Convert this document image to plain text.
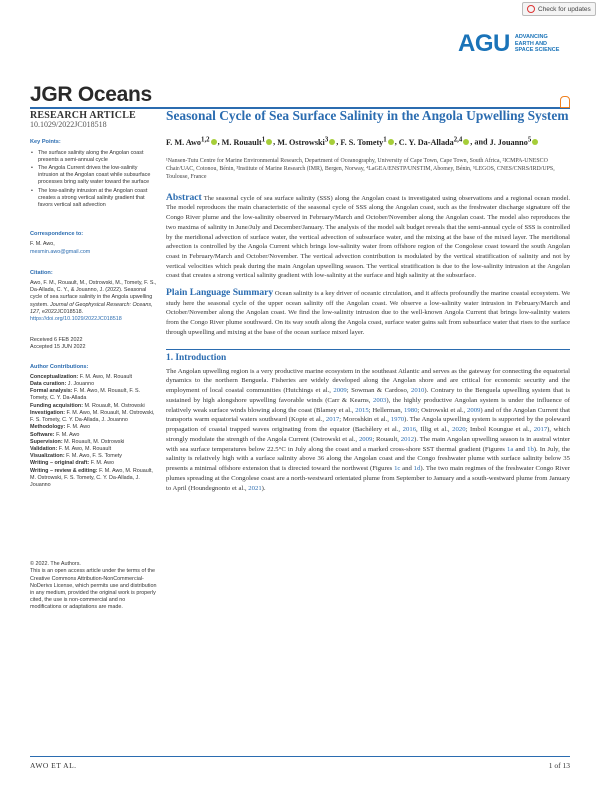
Check for updates
AGU ADVANCING
EARTH AND
SPACE SCIENCE
JGR Oceans
RESEARCH ARTICLE
10.1029/2022JC018518
Key Points:
• The surface salinity along the Angolan coast presents a semi-annual cycle
• The Angola Current drives the low-salinity intrusion at the Angolan coast while subsurface processes bring salty water toward the surface
• The low-salinity intrusion at the Angolan coast creates a strong vertical salinity gradient that favors vertical salt advection
Correspondence to:
F. M. Awo,
mesmin.awo@gmail.com
Citation:
Awo, F. M., Rouault, M., Ostrowski, M., Tomety, F. S., Da-Allada, C. Y., & Jouanno, J. (2022). Seasonal cycle of sea surface salinity in the Angola upwelling system. Journal of Geophysical Research: Oceans, 127, e2022JC018518. https://doi.org/10.1029/2022JC018518
Received 6 FEB 2022
Accepted 15 JUN 2022
Author Contributions:
Conceptualization: F. M. Awo, M. Rouault
Data curation: J. Jouanno
Formal analysis: F. M. Awo, M. Rouault, F. S. Tomety, C. Y. Da-Allada
Funding acquisition: M. Rouault, M. Ostrowski
Investigation: F. M. Awo, M. Rouault, M. Ostrowski, F. S. Tomety, C. Y. Da-Allada, J. Jouanno
Methodology: F. M. Awo
Software: F. M. Awo
Supervision: M. Rouault, M. Ostrowski
Validation: F. M. Awo, M. Rouault
Visualization: F. M. Awo, F. S. Tomety
Writing – original draft: F. M. Awo
Writing – review & editing: F. M. Awo, M. Rouault, M. Ostrowski, F. S. Tomety, C. Y. Da-Allada, J. Jouanno
© 2022. The Authors.
This is an open access article under the terms of the Creative Commons Attribution-NonCommercial-NoDerivs License, which permits use and distribution in any medium, provided the original work is properly cited, the use is non-commercial and no modifications or adaptations are made.
Seasonal Cycle of Sea Surface Salinity in the Angola Upwelling System
F. M. Awo$^{1,2}$ , M. Rouault$^1$ , M. Ostrowski$^3$ , F. S. Tomety$^1$ , C. Y. Da-Allada$^{2,4}$ , and J. Jouanno$^5$
¹Nansen-Tutu Centre for Marine Environmental Research, Department of Oceanography, University of Cape Town, Cape Town, South Africa, ²ICMPA-UNESCO Chair/UAC, Cotonou, Bénin, ³Institute of Marine Research (IMR), Bergen, Norway, ⁴LaGEA/ENSTP/UNSTIM, Abomey, Bénin, ⁵LEGOS, CNES/CNRS/IRD/UPS, Toulouse, France
Abstract The seasonal cycle of sea surface salinity (SSS) along the Angolan coast is investigated using observations and a regional ocean model. The model reproduces the main characteristic of the seasonal cycle of SSS along the Angolan coast, such as the freshwater discharge signature off the Congo River plume and the low-salinity observed in February/March and October/November along the Angolan coast. The model also reproduces the two maxima of salinity in June/July and December/January. The analysis of the model salt budget reveals that the semi-annual cycle of SSS is controlled by the meridional advection of surface water, the vertical advection of subsurface water, and the mixing at the base of the mixed layer. The meridional advection is controlled by the Angola Current which brings low-salinity water from offshore region of the Congolese coast toward the south Angolan coast in February/March and October/November. The vertical advection contribution is modulated by the vertical stratification of salinity and not by vertical velocities which peak during the main Angolan upwelling season. The vertical stratification is due to the low-salinity intrusion at the Angolan coast that creates a strong vertical salinity gradient with low-salinity at the surface and high salinity at the subsurface.
Plain Language Summary Ocean salinity is a key driver of oceanic circulation, and it affects profoundly the marine coastal ecosystem. We study here the seasonal cycle of the upper ocean salinity off the Angolan coast. We observe a low-salinity water intrusion in February/March and October/November along the Angolan coast. We find the low-salinity intrusion due to the well-known Angola Current that brings low-salinity waters from the Congo River plume southward. On its way south along the Angola coast, surface water gains salt from subsurface water that rises to the surface through upwelling and mixing at the base of the ocean surface mixed layer.
1. Introduction

The Angolan upwelling region is a very productive marine ecosystem in the southeast Atlantic and serves as the gateway for connecting the equatorial dynamics to the northern Benguela. Fisheries are widely developed along the Angolan shore and are critical for economic security and the employment of local coastal communities (Hutchings et al., 2009; Sowman & Cardoso, 2010). Contrary to the Benguela upwelling system that is sustained by high alongshore upwelling favorable winds (Carr & Kearns, 2003), the highly productive Angolan system is under the influence of relatively weak surface winds blowing along the coast (Blamey et al., 2015; Hellerman, 1980; Ostrowski et al., 2009) and of the Angolan Current that transports warm equatorial waters southward (Kopte et al., 2017; Moroshkin et al., 1970). The Angola upwelling system is supported by the poleward propagation of coastal trapped waves originating from the equator (Bachèlery et al., 2016, Illig et al., 2020; Imbol Koungue et al., 2017), which strongly modulate the strength of the Angola Current (Ostrowski et al., 2009; Rouault, 2012). The main Angolan upwelling season is in austral winter with sea surface temperatures below 22.5°C in July along the coast and a marked cross-shore SST thermal gradient (Figures 1a and 1b). In July, the salinity is relatively high with a surface salinity above 36 along the Angolan coast and the Congo freshwater plume with surface salinity below 35 presents a minimal offshore extension that is directed toward the northwest (Figures 1c and 1d). The two main regimes of the freshwater Congo River plumes spreading at the Congolese coast are a north-westward orientated plume from September to January and a south-westward plume from January to April (Houndegnonto et al., 2021).

AWO ET AL.	1 of 13
